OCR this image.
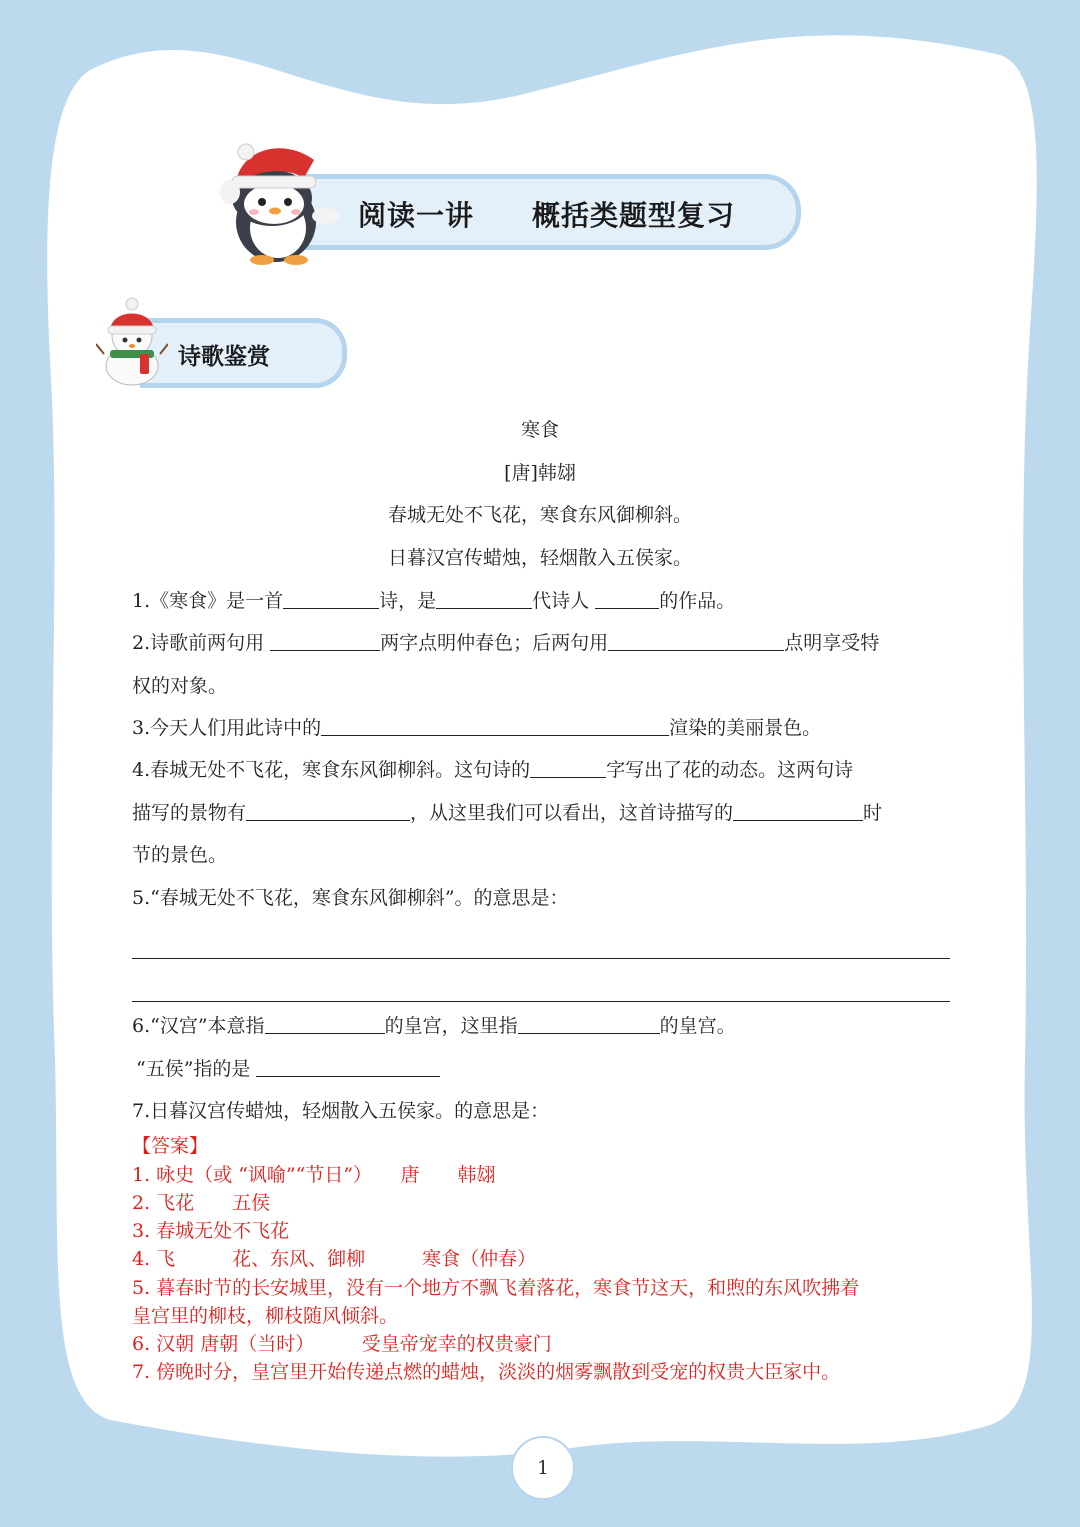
阅读一讲　　概括类题型复习
诗歌鉴赏
寒食
[唐]韩翃
春城无处不飞花，寒食东风御柳斜。
日暮汉宫传蜡烛，轻烟散入五侯家。
1.《寒食》是一首	诗，是	代诗人	的作品。
2.诗歌前两句用	两字点明仲春色；后两句用	点明享受特
权的对象。
3.今天人们用此诗中的	渲染的美丽景色。
4.春城无处不飞花，寒食东风御柳斜。这句诗的	字写出了花的动态。这两句诗
描写的景物有	，从这里我们可以看出，这首诗描写的	时
节的景色。
5.“春城无处不飞花，寒食东风御柳斜”。的意思是：
6.“汉宫”本意指	的皇宫，这里指	的皇宫。
“五侯”指的是
7.日暮汉宫传蜡烛，轻烟散入五侯家。的意思是：
【答案】
1. 咏史（或 “讽喻”“节日”）　　唐　　韩翃
2. 飞花　　五侯
3. 春城无处不飞花
4. 飞　　　花、东风、御柳　　　寒食（仲春）
5. 暮春时节的长安城里，没有一个地方不飘飞着落花，寒食节这天，和煦的东风吹拂着
皇宫里的柳枝，柳枝随风倾斜。
6. 汉朝 唐朝（当时）　　　受皇帝宠幸的权贵豪门
7. 傍晚时分，皇宫里开始传递点燃的蜡烛，淡淡的烟雾飘散到受宠的权贵大臣家中。
1
